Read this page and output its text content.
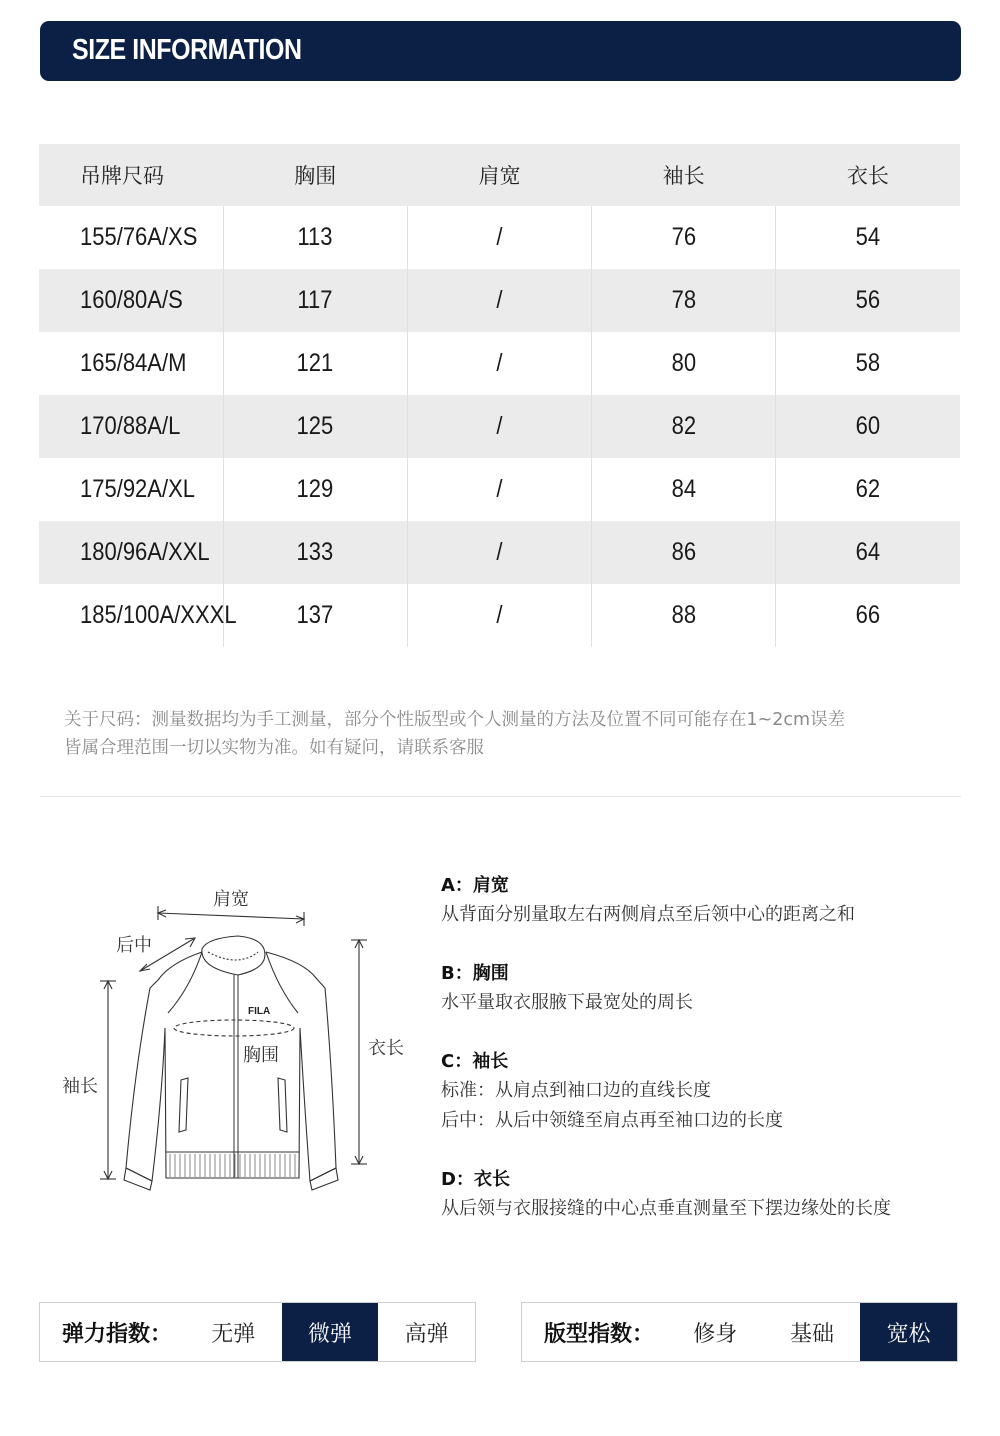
SIZE INFORMATION
吊牌尺码	胸围	肩宽	袖长	衣长
155/76A/XS	113	/	76	54
160/80A/S	117	/	78	56
165/84A/M	121	/	80	58
170/88A/L	125	/	82	60
175/92A/XL	129	/	84	62
180/96A/XXL	133	/	86	64
185/100A/XXXL	137	/	88	66
关于尺码：测量数据均为手工测量，部分个性版型或个人测量的方法及位置不同可能存在1~2cm误差
皆属合理范围一切以实物为准。如有疑问，请联系客服
FILA
肩宽
后中
袖长
胸围	衣长
A：肩宽
从背面分别量取左右两侧肩点至后领中心的距离之和
B：胸围
水平量取衣服腋下最宽处的周长
C：袖长
标准：从肩点到袖口边的直线长度
后中：从后中领缝至肩点再至袖口边的长度
D：衣长
从后领与衣服接缝的中心点垂直测量至下摆边缘处的长度
弹力指数：	无弹	微弹	高弹	版型指数：	修身	基础	宽松
